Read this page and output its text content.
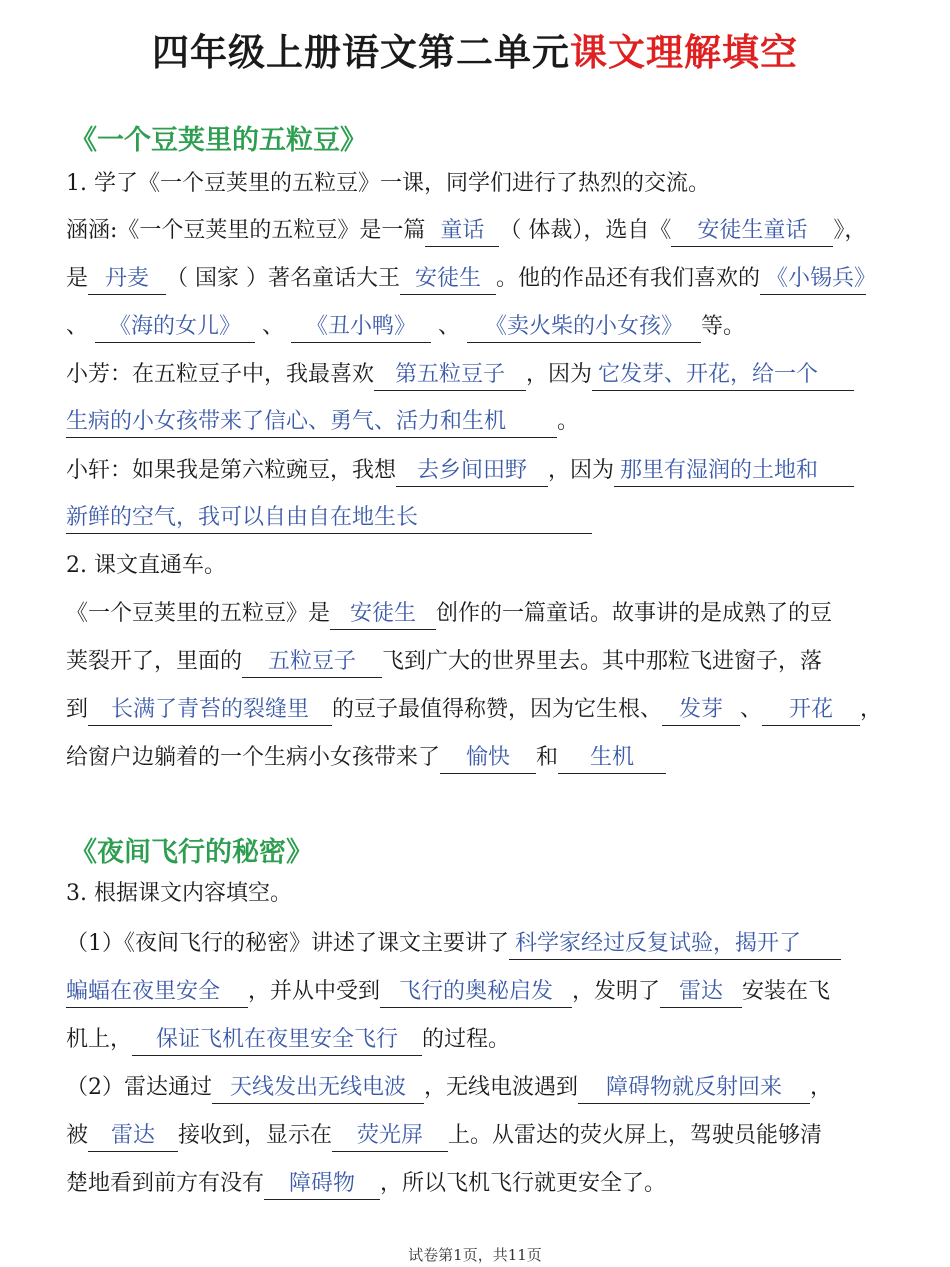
四年级上册语文第二单元课文理解填空
《一个豆荚里的五粒豆》
1. 学了《一个豆荚里的五粒豆》一课，同学们进行了热烈的交流。
涵涵:《一个豆荚里的五粒豆》是一篇 童话 （ 体裁），选自《 安徒生童话 》，
是 丹麦 （ 国家 ）著名童话大王 安徒生 。他的作品还有我们喜欢的 《小锡兵》
、 《海的女儿》 、 《丑小鸭》 、 《卖火柴的小女孩》 等。
小芳：在五粒豆子中，我最喜欢 第五粒豆子 ，因为 它发芽、开花，给一个
生病的小女孩带来了信心、勇气、活力和生机 。
小轩：如果我是第六粒豌豆，我想 去乡间田野 ，因为 那里有湿润的土地和
新鲜的空气，我可以自由自在地生长
2. 课文直通车。
《一个豆荚里的五粒豆》是 安徒生 创作的一篇童话。故事讲的是成熟了的豆
荚裂开了，里面的 五粒豆子 飞到广大的世界里去。其中那粒飞进窗子，落
到 长满了青苔的裂缝里 的豆子最值得称赞，因为它生根、 发芽 、 开花 ，
给窗户边躺着的一个生病小女孩带来了 愉快 和 生机
《夜间飞行的秘密》
3. 根据课文内容填空。
（1）《夜间飞行的秘密》讲述了课文主要讲了 科学家经过反复试验，揭开了
蝙蝠在夜里安全 ，并从中受到 飞行的奥秘启发 ，发明了 雷达 安装在飞
机上， 保证飞机在夜里安全飞行 的过程。
（2）雷达通过 天线发出无线电波 ，无线电波遇到 障碍物就反射回来 ，
被 雷达 接收到，显示在 荧光屏 上。从雷达的荧火屏上，驾驶员能够清
楚地看到前方有没有 障碍物 ，所以飞机飞行就更安全了。
试卷第1页，共11页
